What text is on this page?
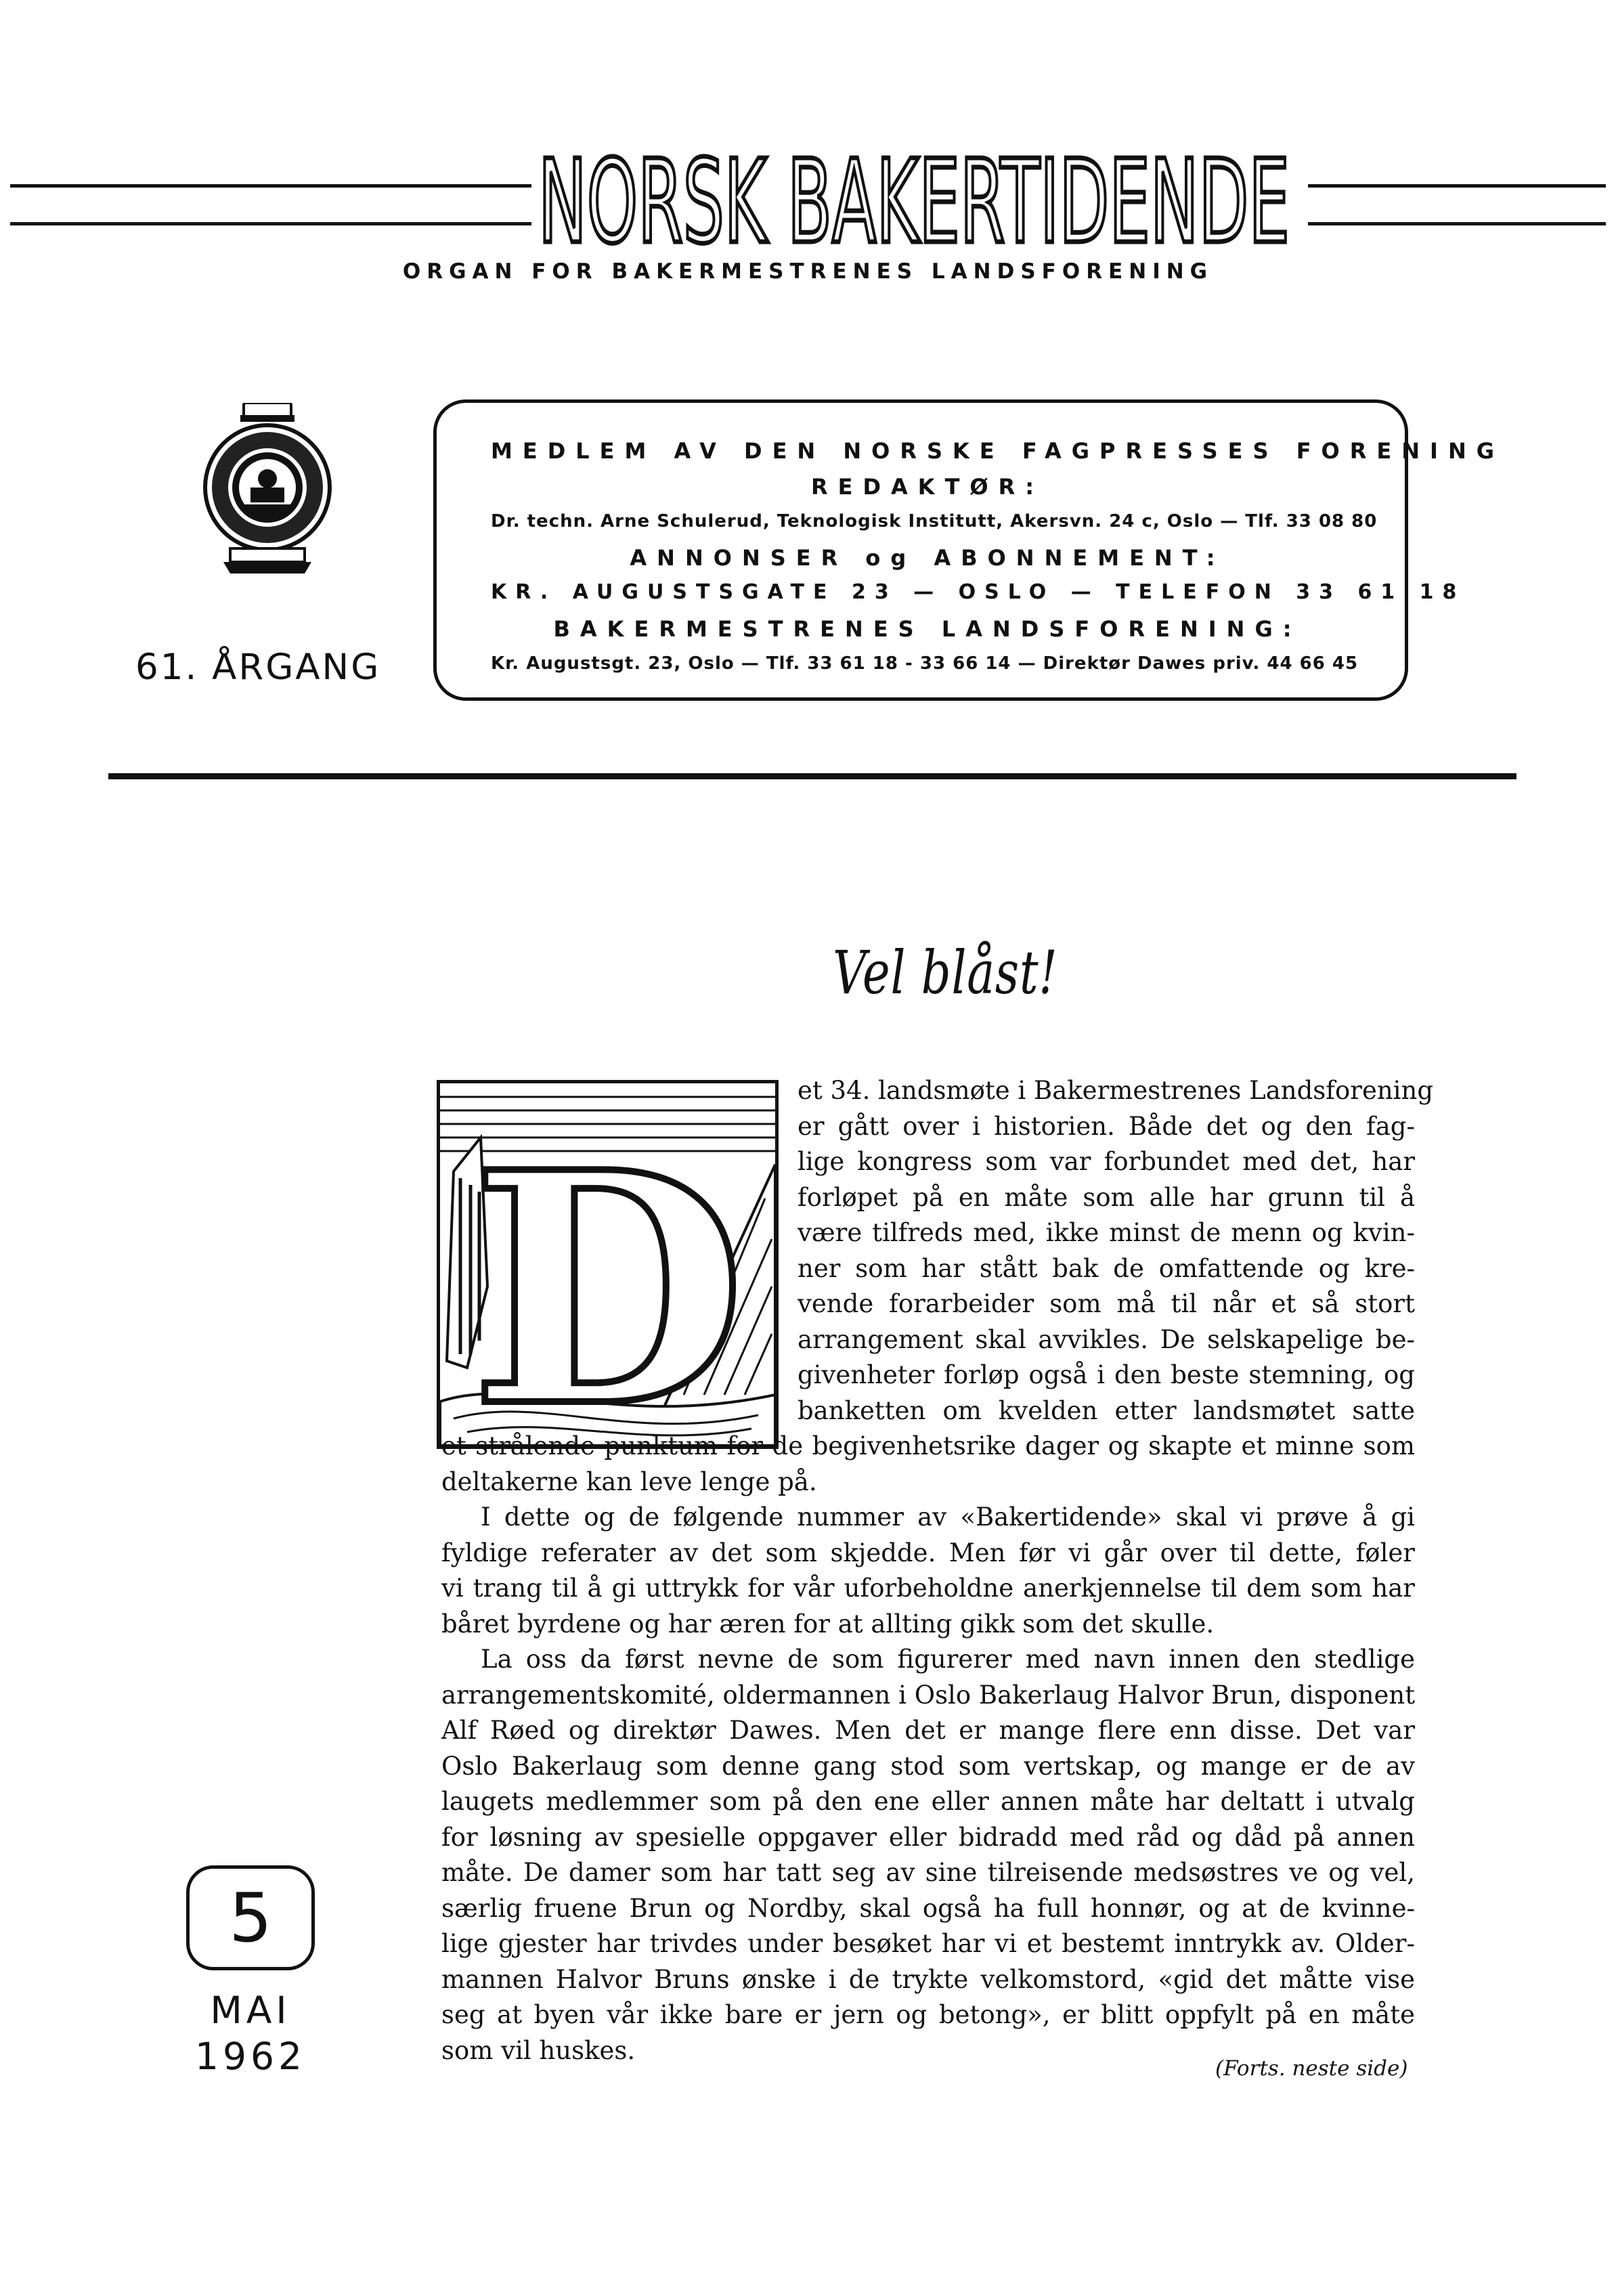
NORSK BAKERTIDENDE
ORGAN FOR BAKERMESTRENES LANDSFORENING
61. ÅRGANG
MEDLEM AV DEN NORSKE FAGPRESSES FORENING
REDAKTØR:
Dr. techn. Arne Schulerud, Teknologisk Institutt, Akersvn. 24 c, Oslo — Tlf. 33 08 80
ANNONSER og ABONNEMENT:
KR. AUGUSTSGATE 23 — OSLO — TELEFON 33 61 18
BAKERMESTRENES LANDSFORENING:
Kr. Augustsgt. 23, Oslo — Tlf. 33 61 18 - 33 66 14 — Direktør Dawes priv. 44 66 45
Vel blåst!
D
et 34. landsmøte i Bakermestrenes Landsforening
er gått over i historien. Både det og den fag-
lige kongress som var forbundet med det, har
forløpet på en måte som alle har grunn til å
være tilfreds med, ikke minst de menn og kvin-
ner som har stått bak de omfattende og kre-
vende forarbeider som må til når et så stort
arrangement skal avvikles. De selskapelige be-
givenheter forløp også i den beste stemning, og
banketten om kvelden etter landsmøtet satte
et strålende punktum for de begivenhetsrike dager og skapte et minne som
deltakerne kan leve lenge på.
I dette og de følgende nummer av «Bakertidende» skal vi prøve å gi
fyldige referater av det som skjedde. Men før vi går over til dette, føler
vi trang til å gi uttrykk for vår uforbeholdne anerkjennelse til dem som har
båret byrdene og har æren for at allting gikk som det skulle.
La oss da først nevne de som figurerer med navn innen den stedlige
arrangementskomité, oldermannen i Oslo Bakerlaug Halvor Brun, disponent
Alf Røed og direktør Dawes. Men det er mange flere enn disse. Det var
Oslo Bakerlaug som denne gang stod som vertskap, og mange er de av
laugets medlemmer som på den ene eller annen måte har deltatt i utvalg
for løsning av spesielle oppgaver eller bidradd med råd og dåd på annen
måte. De damer som har tatt seg av sine tilreisende medsøstres ve og vel,
særlig fruene Brun og Nordby, skal også ha full honnør, og at de kvinne-
lige gjester har trivdes under besøket har vi et bestemt inntrykk av. Older-
mannen Halvor Bruns ønske i de trykte velkomstord, «gid det måtte vise
seg at byen vår ikke bare er jern og betong», er blitt oppfylt på en måte
som vil huskes.
(Forts. neste side)
5
MAI
1962
